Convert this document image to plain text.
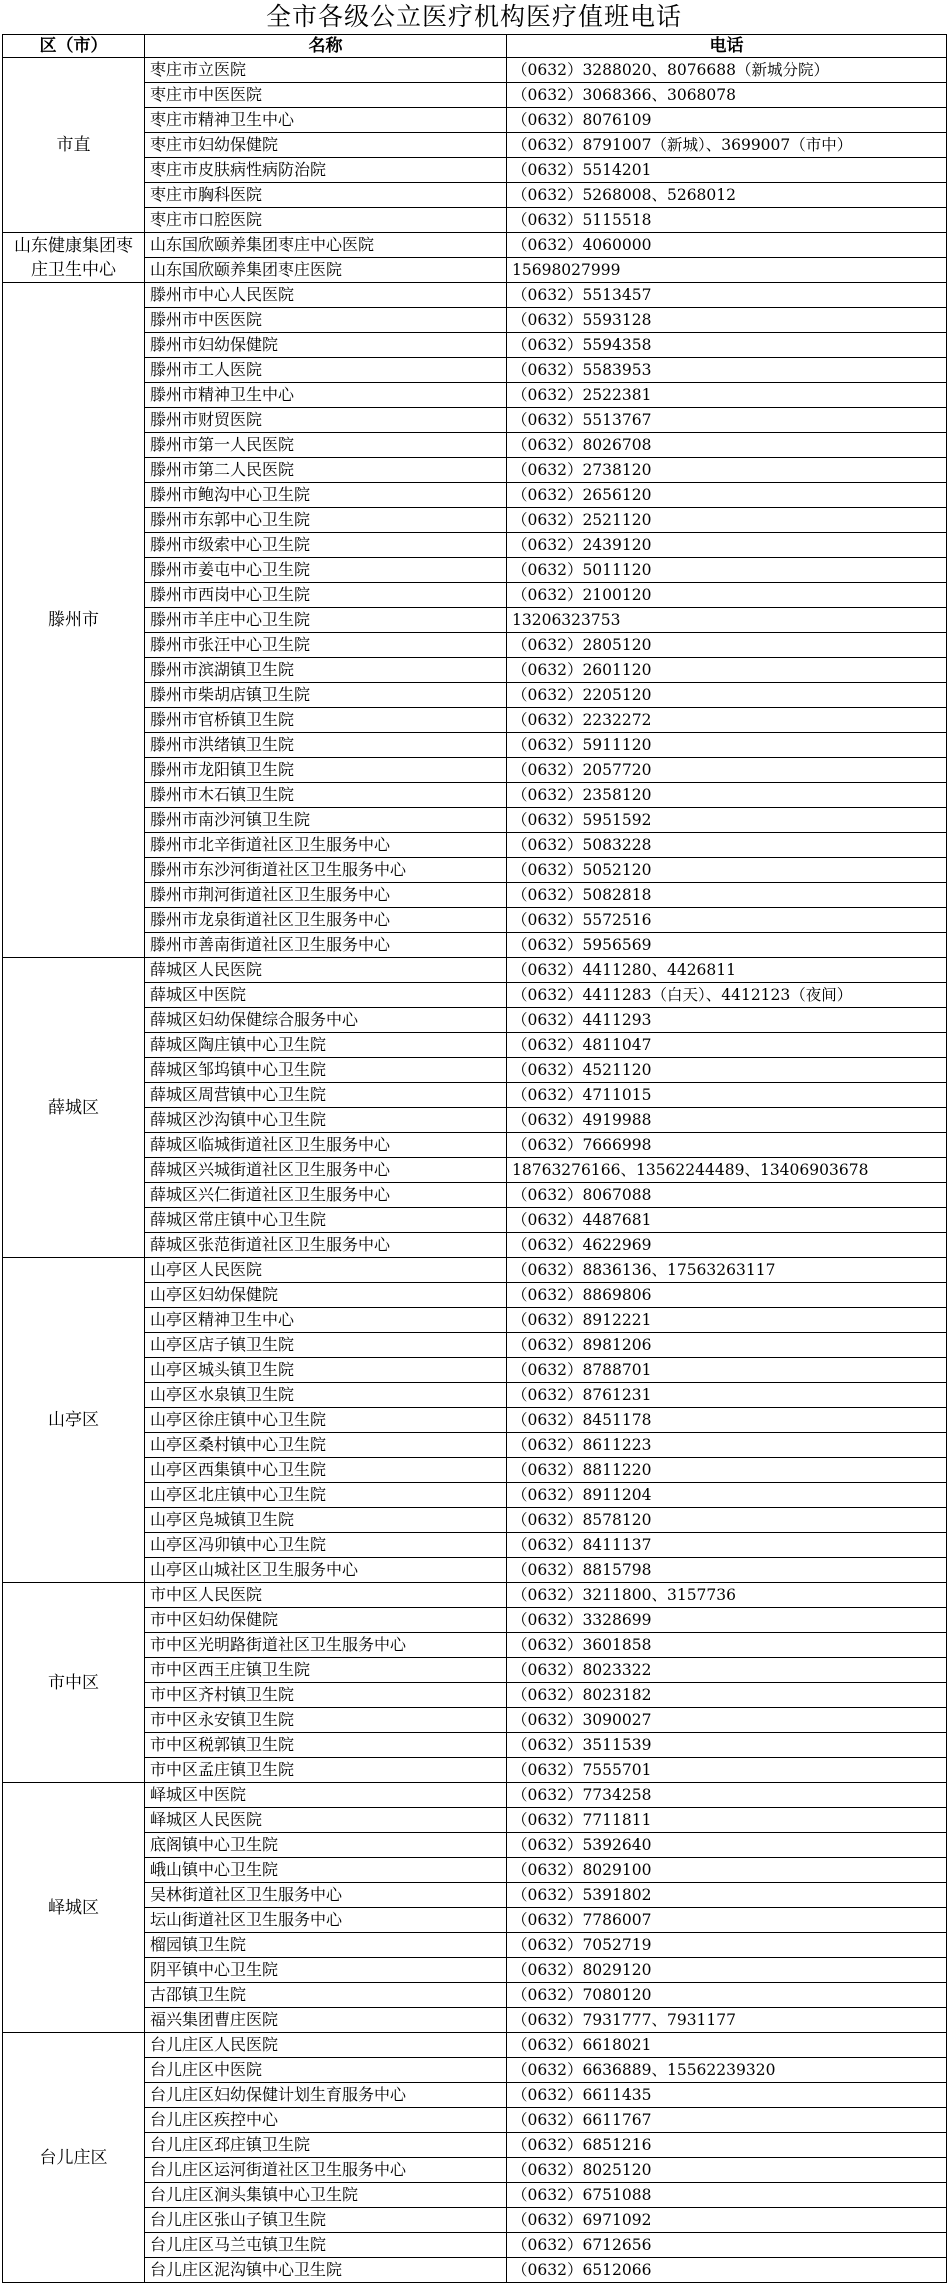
全市各级公立医疗机构医疗值班电话
区（市）	名称	电话
市直	枣庄市立医院	（0632）3288020、8076688（新城分院）
	枣庄市中医医院	（0632）3068366、3068078
	枣庄市精神卫生中心	（0632）8076109
	枣庄市妇幼保健院	（0632）8791007（新城）、3699007（市中）
	枣庄市皮肤病性病防治院	（0632）5514201
	枣庄市胸科医院	（0632）5268008、5268012
	枣庄市口腔医院	（0632）5115518
山东健康集团枣庄卫生中心	山东国欣颐养集团枣庄中心医院	（0632）4060000
	山东国欣颐养集团枣庄医院	15698027999
滕州市	滕州市中心人民医院	（0632）5513457
	滕州市中医医院	（0632）5593128
	滕州市妇幼保健院	（0632）5594358
	滕州市工人医院	（0632）5583953
	滕州市精神卫生中心	（0632）2522381
	滕州市财贸医院	（0632）5513767
	滕州市第一人民医院	（0632）8026708
	滕州市第二人民医院	（0632）2738120
	滕州市鲍沟中心卫生院	（0632）2656120
	滕州市东郭中心卫生院	（0632）2521120
	滕州市级索中心卫生院	（0632）2439120
	滕州市姜屯中心卫生院	（0632）5011120
	滕州市西岗中心卫生院	（0632）2100120
	滕州市羊庄中心卫生院	13206323753
	滕州市张汪中心卫生院	（0632）2805120
	滕州市滨湖镇卫生院	（0632）2601120
	滕州市柴胡店镇卫生院	（0632）2205120
	滕州市官桥镇卫生院	（0632）2232272
	滕州市洪绪镇卫生院	（0632）5911120
	滕州市龙阳镇卫生院	（0632）2057720
	滕州市木石镇卫生院	（0632）2358120
	滕州市南沙河镇卫生院	（0632）5951592
	滕州市北辛街道社区卫生服务中心	（0632）5083228
	滕州市东沙河街道社区卫生服务中心	（0632）5052120
	滕州市荆河街道社区卫生服务中心	（0632）5082818
	滕州市龙泉街道社区卫生服务中心	（0632）5572516
	滕州市善南街道社区卫生服务中心	（0632）5956569
薛城区	薛城区人民医院	（0632）4411280、4426811
	薛城区中医院	（0632）4411283（白天）、4412123（夜间）
	薛城区妇幼保健综合服务中心	（0632）4411293
	薛城区陶庄镇中心卫生院	（0632）4811047
	薛城区邹坞镇中心卫生院	（0632）4521120
	薛城区周营镇中心卫生院	（0632）4711015
	薛城区沙沟镇中心卫生院	（0632）4919988
	薛城区临城街道社区卫生服务中心	（0632）7666998
	薛城区兴城街道社区卫生服务中心	18763276166、13562244489、13406903678
	薛城区兴仁街道社区卫生服务中心	（0632）8067088
	薛城区常庄镇中心卫生院	（0632）4487681
	薛城区张范街道社区卫生服务中心	（0632）4622969
山亭区	山亭区人民医院	（0632）8836136、17563263117
	山亭区妇幼保健院	（0632）8869806
	山亭区精神卫生中心	（0632）8912221
	山亭区店子镇卫生院	（0632）8981206
	山亭区城头镇卫生院	（0632）8788701
	山亭区水泉镇卫生院	（0632）8761231
	山亭区徐庄镇中心卫生院	（0632）8451178
	山亭区桑村镇中心卫生院	（0632）8611223
	山亭区西集镇中心卫生院	（0632）8811220
	山亭区北庄镇中心卫生院	（0632）8911204
	山亭区凫城镇卫生院	（0632）8578120
	山亭区冯卯镇中心卫生院	（0632）8411137
	山亭区山城社区卫生服务中心	（0632）8815798
市中区	市中区人民医院	（0632）3211800、3157736
	市中区妇幼保健院	（0632）3328699
	市中区光明路街道社区卫生服务中心	（0632）3601858
	市中区西王庄镇卫生院	（0632）8023322
	市中区齐村镇卫生院	（0632）8023182
	市中区永安镇卫生院	（0632）3090027
	市中区税郭镇卫生院	（0632）3511539
	市中区孟庄镇卫生院	（0632）7555701
峄城区	峄城区中医院	（0632）7734258
	峄城区人民医院	（0632）7711811
	底阁镇中心卫生院	（0632）5392640
	峨山镇中心卫生院	（0632）8029100
	吴林街道社区卫生服务中心	（0632）5391802
	坛山街道社区卫生服务中心	（0632）7786007
	榴园镇卫生院	（0632）7052719
	阴平镇中心卫生院	（0632）8029120
	古邵镇卫生院	（0632）7080120
	福兴集团曹庄医院	（0632）7931777、7931177
台儿庄区	台儿庄区人民医院	（0632）6618021
	台儿庄区中医院	（0632）6636889、15562239320
	台儿庄区妇幼保健计划生育服务中心	（0632）6611435
	台儿庄区疾控中心	（0632）6611767
	台儿庄区邳庄镇卫生院	（0632）6851216
	台儿庄区运河街道社区卫生服务中心	（0632）8025120
	台儿庄区涧头集镇中心卫生院	（0632）6751088
	台儿庄区张山子镇卫生院	（0632）6971092
	台儿庄区马兰屯镇卫生院	（0632）6712656
	台儿庄区泥沟镇中心卫生院	（0632）6512066
